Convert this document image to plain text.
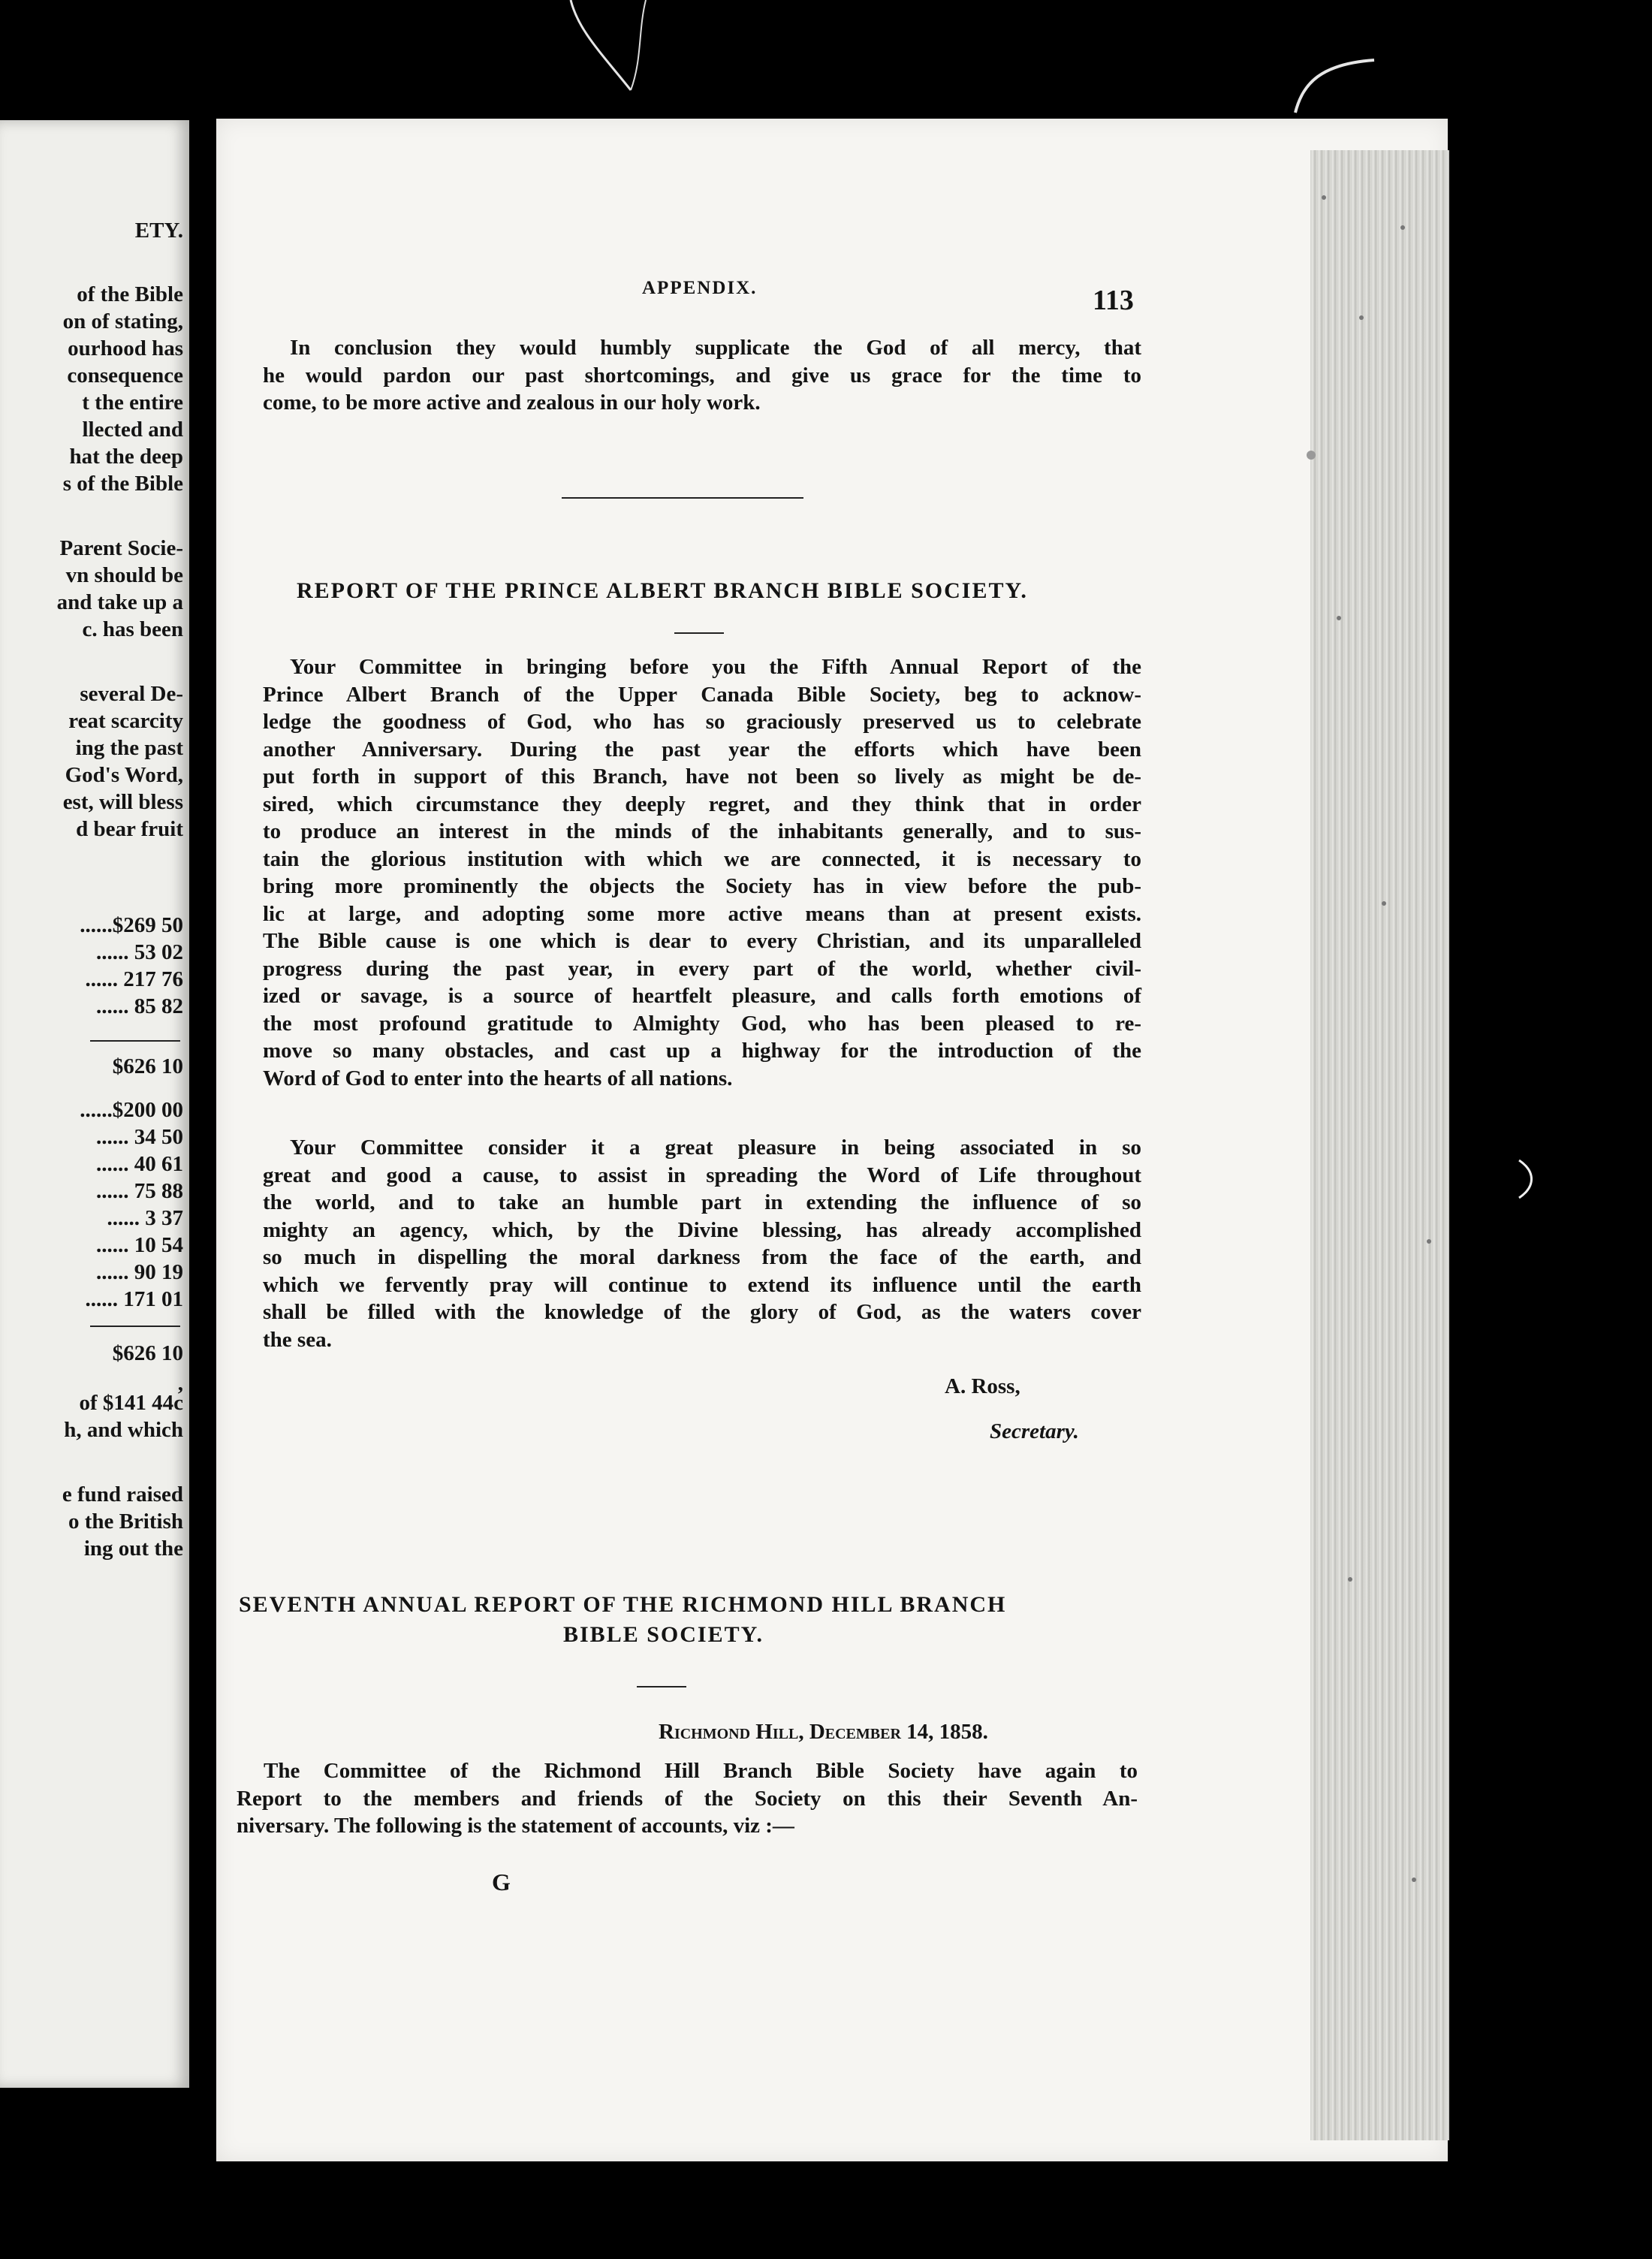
ETY.
of the Bible
on of stating,
ourhood has
consequence
t the entire
llected and
hat the deep
s of the Bible
Parent Socie-
vn should be
and take up a
c. has been
several De-
reat scarcity
ing the past
God's Word,
est, will bless
d bear fruit
......$269 50
...... 53 02
...... 217 76
...... 85 82
$626 10
......$200 00
...... 34 50
...... 40 61
...... 75 88
...... 3 37
...... 10 54
...... 90 19
...... 171 01
$626 10
,
of $141 44c
h, and which
e fund raised
o the British
ing out the
APPENDIX.	113
In conclusion they would humbly supplicate the God of all mercy, that
he would pardon our past shortcomings, and give us grace for the time to
come, to be more active and zealous in our holy work.
REPORT OF THE PRINCE ALBERT BRANCH BIBLE SOCIETY.
Your Committee in bringing before you the Fifth Annual Report of the
Prince Albert Branch of the Upper Canada Bible Society, beg to acknow-
ledge the goodness of God, who has so graciously preserved us to celebrate
another Anniversary. During the past year the efforts which have been
put forth in support of this Branch, have not been so lively as might be de-
sired, which circumstance they deeply regret, and they think that in order
to produce an interest in the minds of the inhabitants generally, and to sus-
tain the glorious institution with which we are connected, it is necessary to
bring more prominently the objects the Society has in view before the pub-
lic at large, and adopting some more active means than at present exists.
The Bible cause is one which is dear to every Christian, and its unparalleled
progress during the past year, in every part of the world, whether civil-
ized or savage, is a source of heartfelt pleasure, and calls forth emotions of
the most profound gratitude to Almighty God, who has been pleased to re-
move so many obstacles, and cast up a highway for the introduction of the
Word of God to enter into the hearts of all nations.
Your Committee consider it a great pleasure in being associated in so
great and good a cause, to assist in spreading the Word of Life throughout
the world, and to take an humble part in extending the influence of so
mighty an agency, which, by the Divine blessing, has already accomplished
so much in dispelling the moral darkness from the face of the earth, and
which we fervently pray will continue to extend its influence until the earth
shall be filled with the knowledge of the glory of God, as the waters cover
the sea.
A. Ross,
Secretary.
SEVENTH ANNUAL REPORT OF THE RICHMOND HILL BRANCH
BIBLE SOCIETY.
Richmond Hill, December 14, 1858.
The Committee of the Richmond Hill Branch Bible Society have again to
Report to the members and friends of the Society on this their Seventh An-
niversary. The following is the statement of accounts, viz :—
G
